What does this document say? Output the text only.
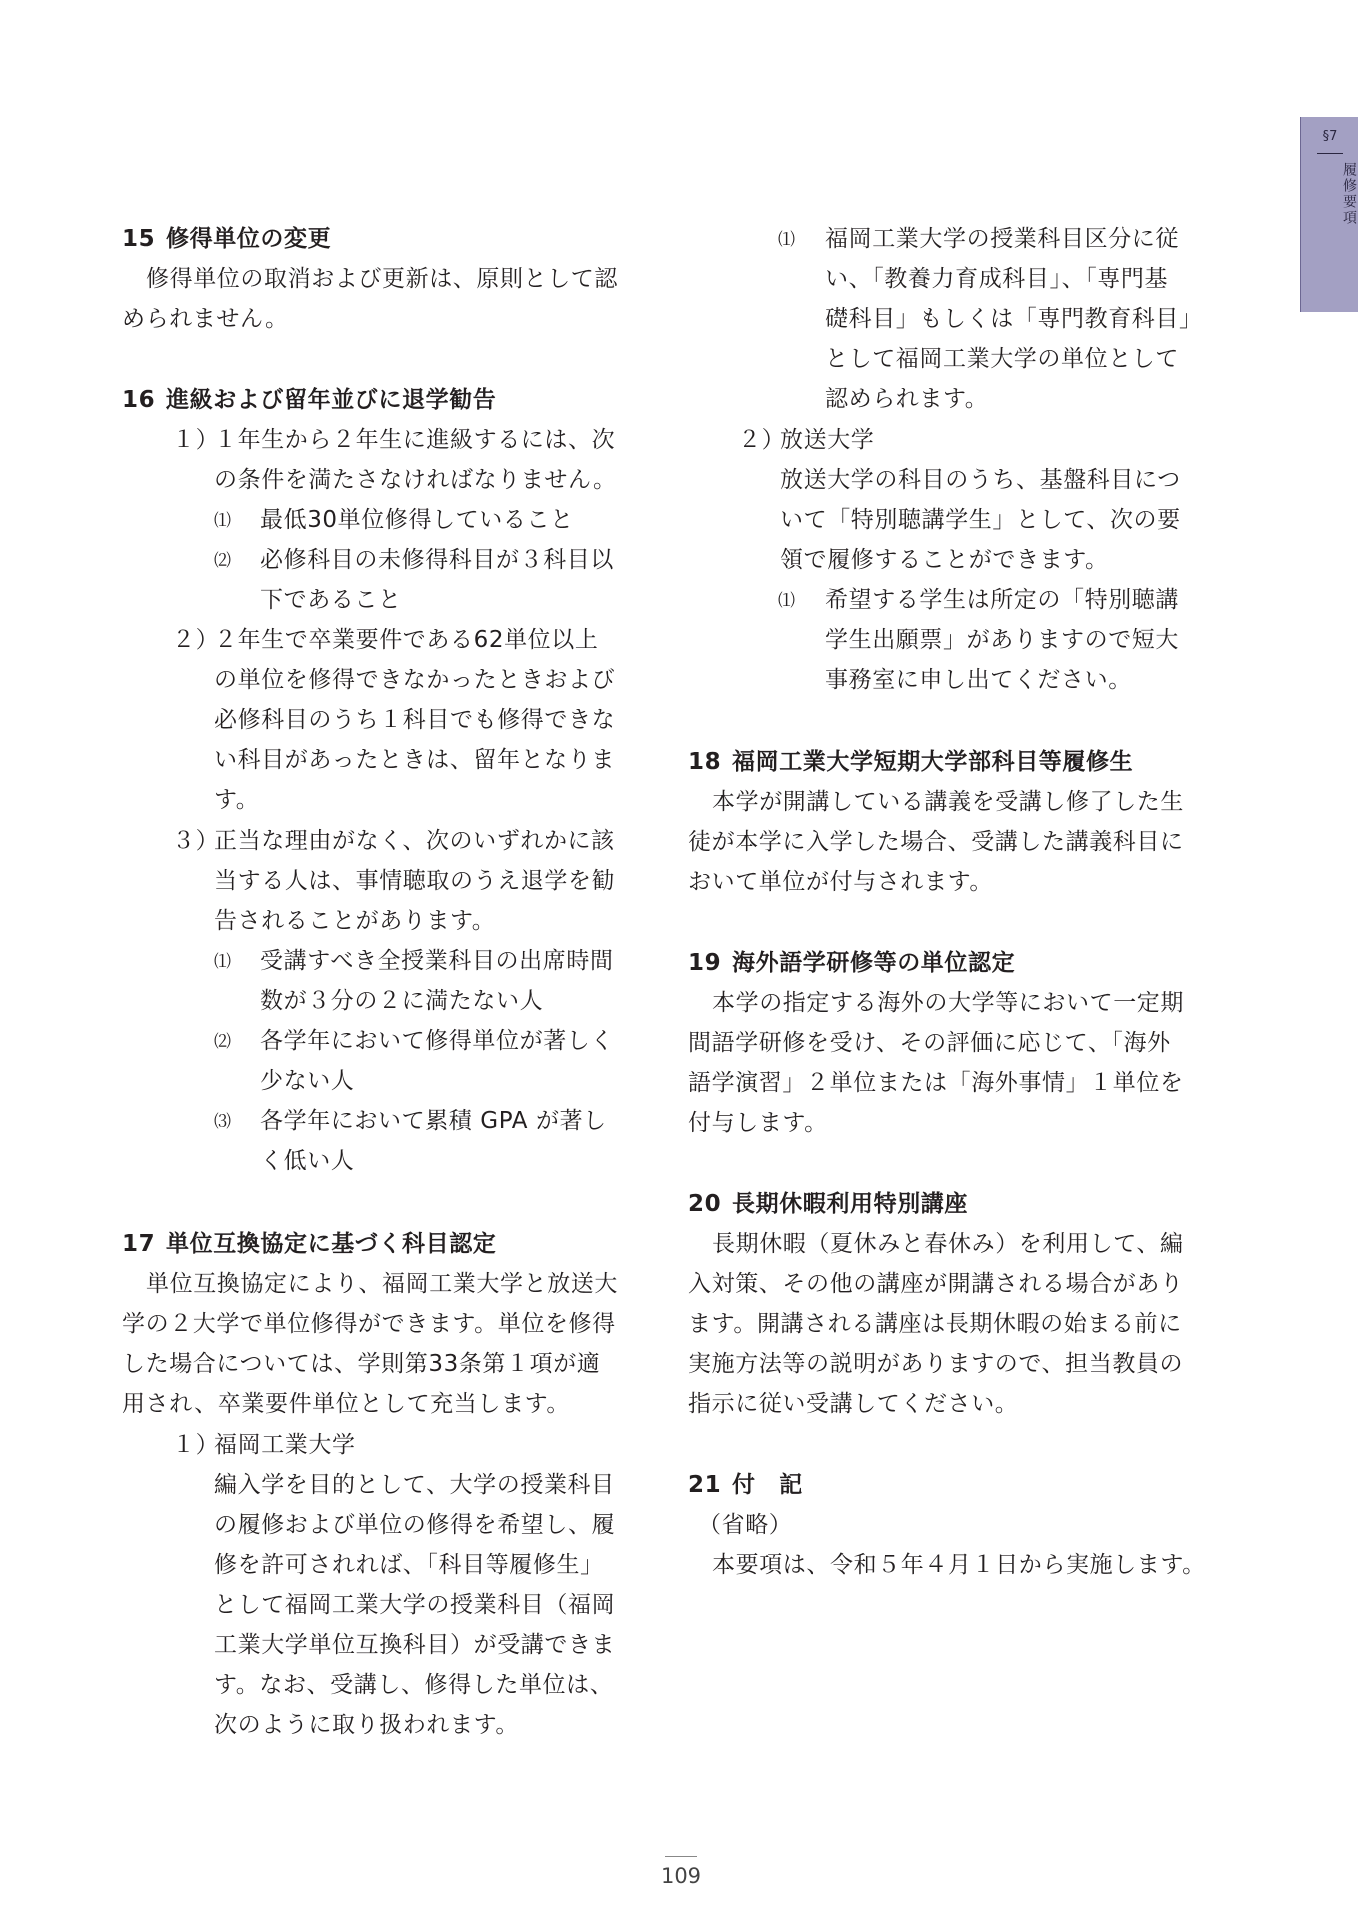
§7
履修要項
15 修得単位の変更
修得単位の取消および更新は、原則として認
められません。
16 進級および留年並びに退学勧告
１）
１年生から２年生に進級するには、次
の条件を満たさなければなりません。
⑴ 最低30単位修得していること
⑵ 必修科目の未修得科目が３科目以
下であること
２）
２年生で卒業要件である62単位以上
の単位を修得できなかったときおよび
必修科目のうち１科目でも修得できな
い科目があったときは、留年となりま
す。
３）
正当な理由がなく、次のいずれかに該
当する人は、事情聴取のうえ退学を勧
告されることがあります。
⑴ 受講すべき全授業科目の出席時間
数が３分の２に満たない人
⑵ 各学年において修得単位が著しく
少ない人
⑶ 各学年において累積 GPA が著し
く低い人
17 単位互換協定に基づく科目認定
単位互換協定により、福岡工業大学と放送大
学の２大学で単位修得ができます。単位を修得
した場合については、学則第33条第１項が適
用され、卒業要件単位として充当します。
１）
福岡工業大学
編入学を目的として、大学の授業科目
の履修および単位の修得を希望し、履
修を許可されれば、「科目等履修生」
として福岡工業大学の授業科目（福岡
工業大学単位互換科目）が受講できま
す。なお、受講し、修得した単位は、
次のように取り扱われます。
⑴ 福岡工業大学の授業科目区分に従
い、「教養力育成科目」、「専門基
礎科目」もしくは「専門教育科目」
として福岡工業大学の単位として
認められます。
２）
放送大学
放送大学の科目のうち、基盤科目につ
いて「特別聴講学生」として、次の要
領で履修することができます。
⑴ 希望する学生は所定の「特別聴講
学生出願票」がありますので短大
事務室に申し出てください。
18 福岡工業大学短期大学部科目等履修生
本学が開講している講義を受講し修了した生
徒が本学に入学した場合、受講した講義科目に
おいて単位が付与されます。
19 海外語学研修等の単位認定
本学の指定する海外の大学等において一定期
間語学研修を受け、その評価に応じて、「海外
語学演習」２単位または「海外事情」１単位を
付与します。
20 長期休暇利用特別講座
長期休暇（夏休みと春休み）を利用して、編
入対策、その他の講座が開講される場合があり
ます。開講される講座は長期休暇の始まる前に
実施方法等の説明がありますので、担当教員の
指示に従い受講してください。
21 付　記
（省略）
本要項は、令和５年４月１日から実施します。
109
